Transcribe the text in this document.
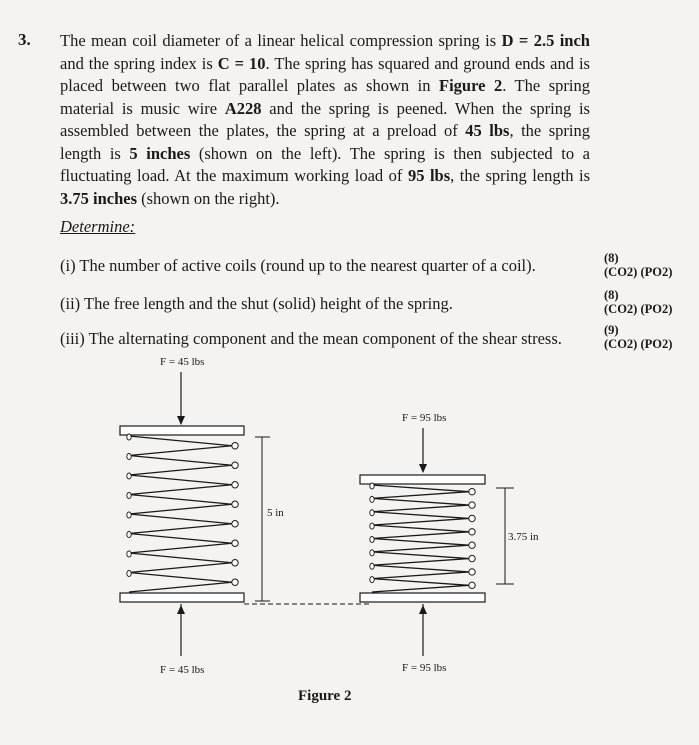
3. The mean coil diameter of a linear helical compression spring is D = 2.5 inch and the spring index is C = 10. The spring has squared and ground ends and is placed between two flat parallel plates as shown in Figure 2. The spring material is music wire A228 and the spring is peened. When the spring is assembled between the plates, the spring at a preload of 45 lbs, the spring length is 5 inches (shown on the left). The spring is then subjected to a fluctuating load. At the maximum working load of 95 lbs, the spring length is 3.75 inches (shown on the right).
Determine:
(i) The number of active coils (round up to the nearest quarter of a coil).
(ii) The free length and the shut (solid) height of the spring.
(iii) The alternating component and the mean component of the shear stress.
(8)
(CO2) (PO2)
(8)
(CO2) (PO2)
(9)
(CO2) (PO2)
F = 45 lbs
F = 45 lbs
5 in
F = 95 lbs
F = 95 lbs
3.75 in
Figure 2
